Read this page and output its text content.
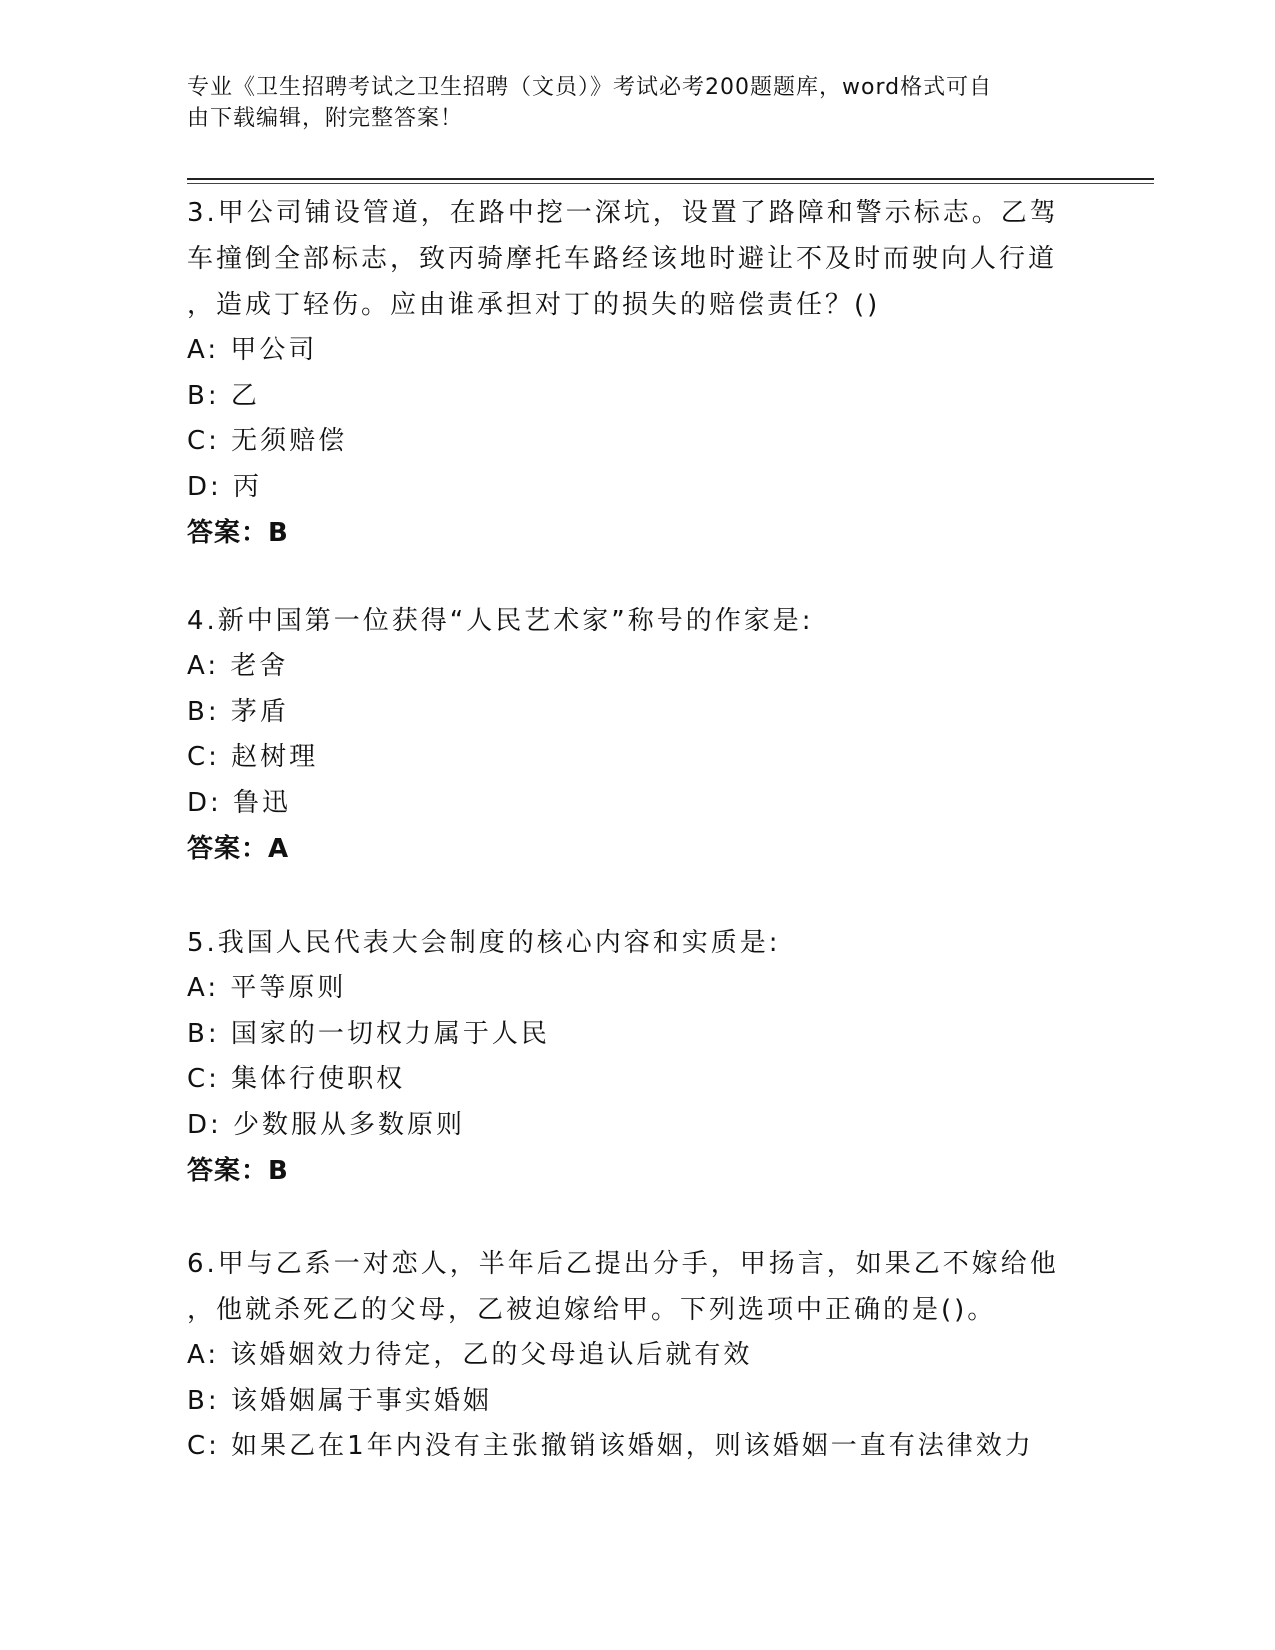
专业《卫生招聘考试之卫生招聘（文员）》考试必考200题题库，word格式可自
由下载编辑，附完整答案！
3.甲公司铺设管道，在路中挖一深坑，设置了路障和警示标志。乙驾
车撞倒全部标志，致丙骑摩托车路经该地时避让不及时而驶向人行道
，造成丁轻伤。应由谁承担对丁的损失的赔偿责任？()
A: 甲公司
B: 乙
C: 无须赔偿
D: 丙
答案：B
4.新中国第一位获得“人民艺术家”称号的作家是:
A: 老舍
B: 茅盾
C: 赵树理
D: 鲁迅
答案：A
5.我国人民代表大会制度的核心内容和实质是:
A: 平等原则
B: 国家的一切权力属于人民
C: 集体行使职权
D: 少数服从多数原则
答案：B
6.甲与乙系一对恋人，半年后乙提出分手，甲扬言，如果乙不嫁给他
，他就杀死乙的父母，乙被迫嫁给甲。下列选项中正确的是()。
A: 该婚姻效力待定，乙的父母追认后就有效
B: 该婚姻属于事实婚姻
C: 如果乙在1年内没有主张撤销该婚姻，则该婚姻一直有法律效力
